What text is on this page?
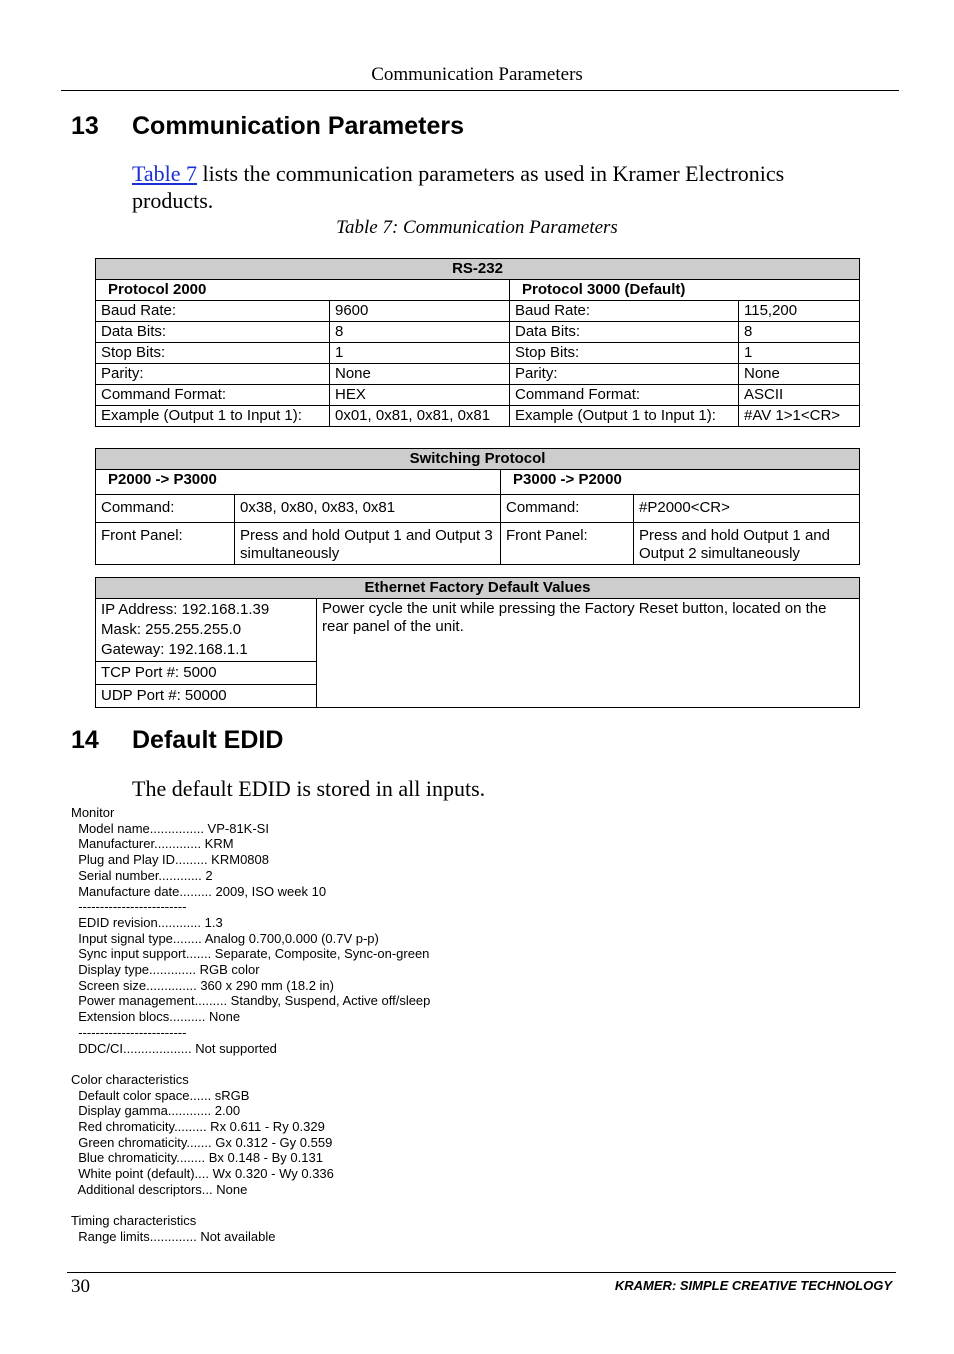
Communication Parameters
13 Communication Parameters
Table 7 lists the communication parameters as used in Kramer Electronics products.
Table 7: Communication Parameters
RS-232			
Protocol 2000		Protocol 3000 (Default)	
Baud Rate:	9600	Baud Rate:	115,200
Data Bits:	8	Data Bits:	8
Stop Bits:	1	Stop Bits:	1
Parity:	None	Parity:	None
Command Format:	HEX	Command Format:	ASCII
Example (Output 1 to Input 1):	0x01, 0x81, 0x81, 0x81	Example (Output 1 to Input 1):	#AV 1>1<CR>
Switching Protocol			
P2000 -> P3000		P3000 -> P2000	
Command:	0x38, 0x80, 0x83, 0x81	Command:	#P2000<CR>
Front Panel:	Press and hold Output 1 and Output 3 simultaneously	Front Panel:	Press and hold Output 1 and Output 2 simultaneously
Ethernet Factory Default Values

IP Address: 192.168.1.39
Mask: 255.255.255.0
Gateway: 192.168.1.1
	Power cycle the unit while pressing the Factory Reset button, located on the rear panel of the unit.
TCP Port #: 5000
UDP Port #: 50000
14 Default EDID
The default EDID is stored in all inputs.
Monitor
Model name............... VP-81K-SI
Manufacturer............. KRM
Plug and Play ID......... KRM0808
Serial number............ 2
Manufacture date......... 2009, ISO week 10
-------------------------
EDID revision............ 1.3
Input signal type........ Analog 0.700,0.000 (0.7V p-p)
Sync input support....... Separate, Composite, Sync-on-green
Display type............. RGB color
Screen size.............. 360 x 290 mm (18.2 in)
Power management......... Standby, Suspend, Active off/sleep
Extension blocs.......... None
-------------------------
DDC/CI................... Not supported

Color characteristics
Default color space...... sRGB
Display gamma............ 2.00
Red chromaticity......... Rx 0.611 - Ry 0.329
Green chromaticity....... Gx 0.312 - Gy 0.559
Blue chromaticity........ Bx 0.148 - By 0.131
White point (default).... Wx 0.320 - Wy 0.336
Additional descriptors... None

Timing characteristics
Range limits............. Not available
30	KRAMER: SIMPLE CREATIVE TECHNOLOGY
